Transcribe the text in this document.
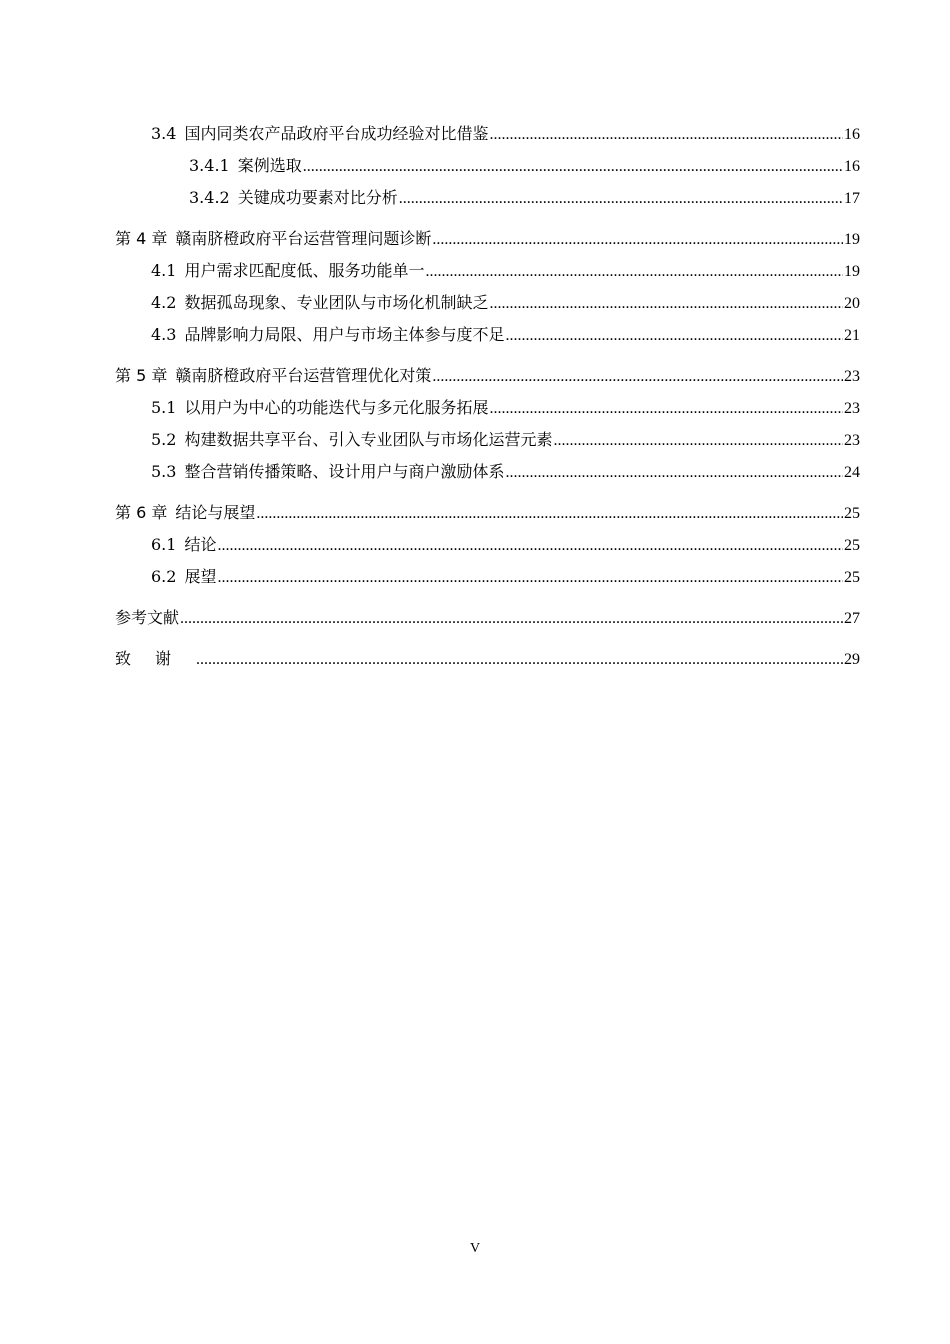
3.4 国内同类农产品政府平台成功经验对比借鉴 .....	16
3.4.1 案例选取 .....	16
3.4.2 关键成功要素对比分析 .....	17
第 4 章 赣南脐橙政府平台运营管理问题诊断 .....	19
4.1 用户需求匹配度低、服务功能单一 .....	19
4.2 数据孤岛现象、专业团队与市场化机制缺乏 .....	20
4.3 品牌影响力局限、用户与市场主体参与度不足 .....	21
第 5 章 赣南脐橙政府平台运营管理优化对策 .....	23
5.1 以用户为中心的功能迭代与多元化服务拓展 .....	23
5.2 构建数据共享平台、引入专业团队与市场化运营元素 .....	23
5.3 整合营销传播策略、设计用户与商户激励体系 .....	24
第 6 章 结论与展望 .....	25
6.1 结论 .....	25
6.2 展望 .....	25
参考文献 .....	27
致谢 .....	29
V
